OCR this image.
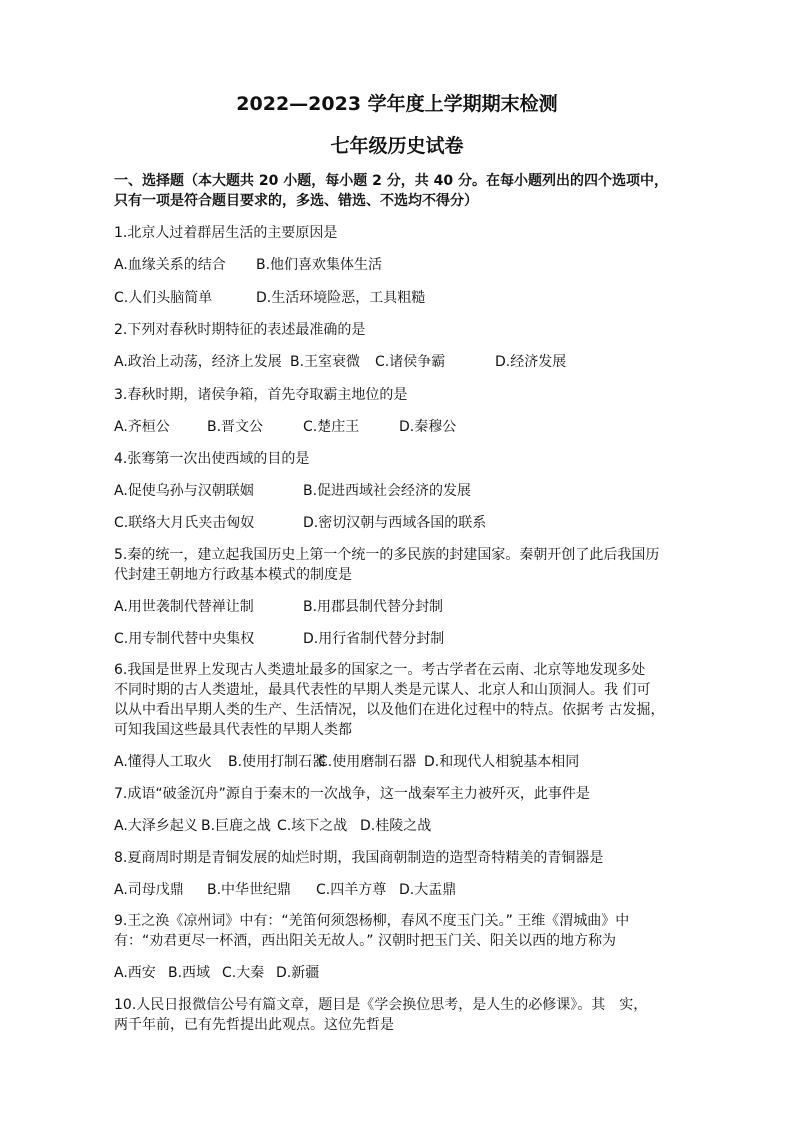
2022—2023 学年度上学期期末检测
七年级历史试卷
一、选择题（本大题共 20 小题，每小题 2 分，共 40 分。在每小题列出的四个选项中，
只有一项是符合题目要求的，多选、错选、不选均不得分）
1.北京人过着群居生活的主要原因是
A.血缘关系的结合 B.他们喜欢集体生活
C.人们头脑简单	D.生活环境险恶，工具粗糙
2.下列对春秋时期特征的表述最准确的是
A.政治上动荡，经济上发展 B.王室衰微 C.诸侯争霸	D.经济发展
3.春秋时期，诸侯争箱，首先夺取霸主地位的是
A.齐桓公	B.晋文公	C.楚庄王	D.秦穆公
4.张骞第一次出使西域的目的是
A.促使乌孙与汉朝联姻	B.促进西域社会经济的发展
C.联络大月氏夹击匈奴	D.密切汉朝与西域各国的联系
5.秦的统一，建立起我国历史上第一个统一的多民族的封建国家。秦朝开创了此后我国历
代封建王朝地方行政基本模式的制度是
A.用世袭制代替禅让制	B.用郡县制代替分封制
C.用专制代替中央集权	D.用行省制代替分封制
6.我国是世界上发现古人类遗址最多的国家之一。考古学者在云南、北京等地发现多处
不同时期的古人类遗址，最具代表性的早期人类是元谋人、北京人和山顶洞人。我 们可
以从中看出早期人类的生产、生活情况，以及他们在进化过程中的特点。依据考 古发掘，
可知我国这些最具代表性的早期人类都
A.懂得人工取火 B.使用打制石器
C.使用磨制石器 D.和现代人相貌基本相同
7.成语“破釜沉舟”源自于秦末的一次战争，这一战秦军主力被歼灭，此事件是
A.大泽乡起义 B.巨鹿之战 C.垓下之战 D.桂陵之战
8.夏商周时期是青铜发展的灿烂时期，我国商朝制造的造型奇特精美的青铜器是
A.司母戊鼎 B.中华世纪鼎 C.四羊方尊 D.大盂鼎
9.王之涣《凉州词》中有：“羌笛何须怨杨柳，春风不度玉门关。” 王维《渭城曲》中
有：“劝君更尽一杯酒，西出阳关无故人。” 汉朝时把玉门关、阳关以西的地方称为
A.西安 B.西域 C.大秦 D.新疆
10.人民日报微信公号有篇文章，题目是《学会换位思考，是人生的必修课》。其　实，
两千年前，已有先哲提出此观点。这位先哲是
